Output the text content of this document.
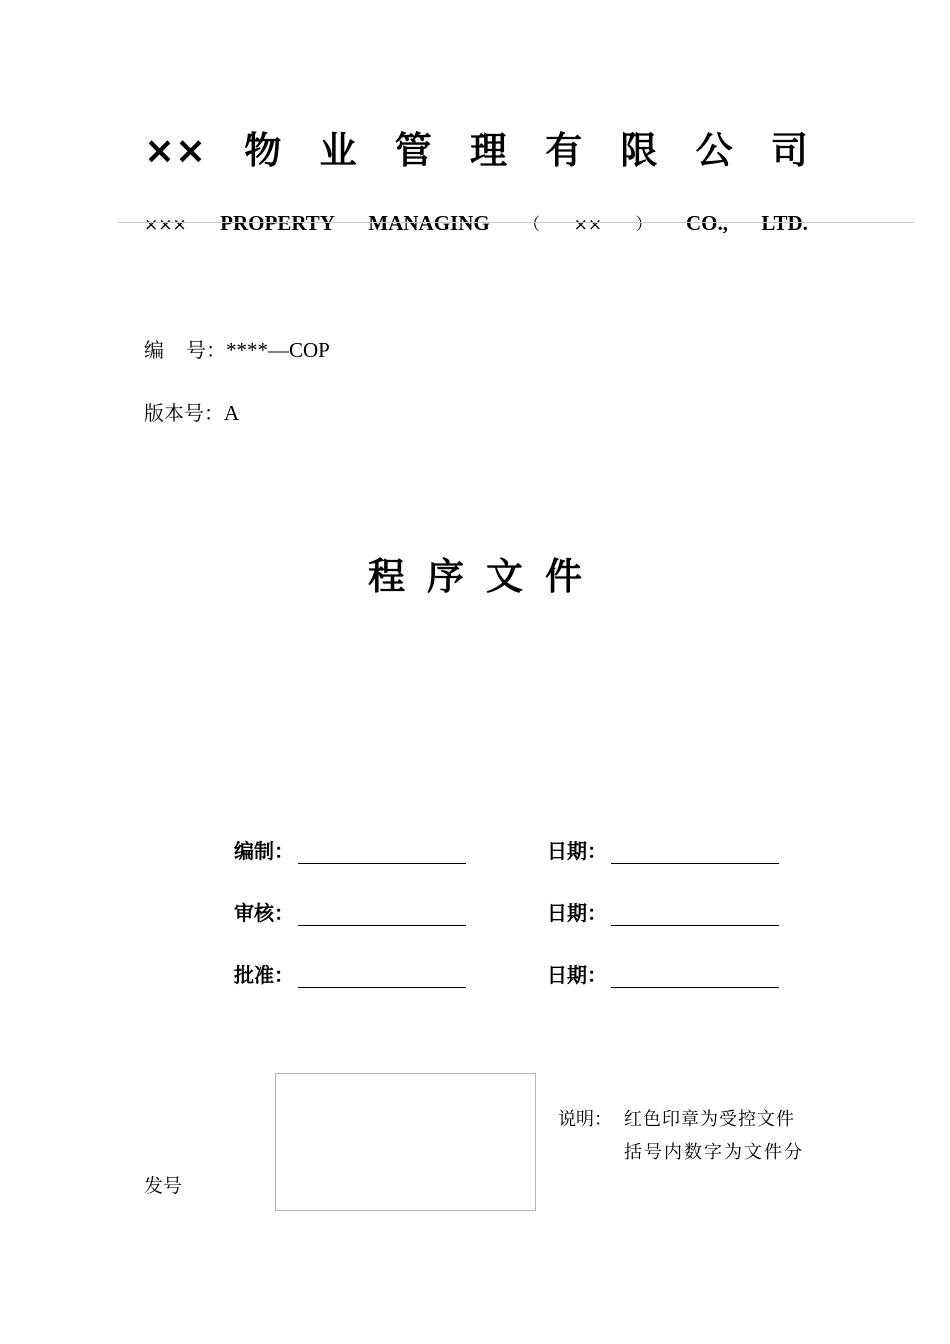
×× 物 业 管 理 有 限 公 司
××× PROPERTY MANAGING （ ×× ） CO., LTD.
编 号：****—COP
版本号：A
程序文件
编制：	日期：
审核：	日期：
批准：	日期：
说明： 红色印章为受控文件
括号内数字为文件分
发号
